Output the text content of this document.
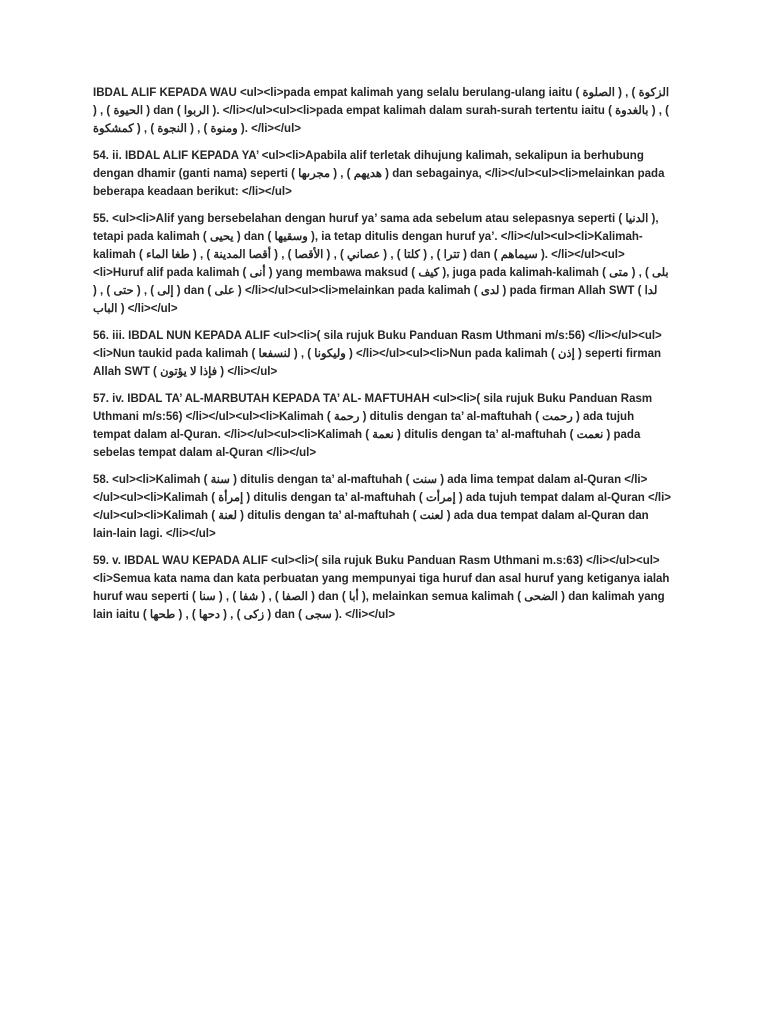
IBDAL ALIF KEPADA WAU <ul><li>pada empat kalimah yang selalu berulang-ulang iaitu ( الصلوة ) , ( الزكوة ) , ( الحيوة ) dan ( الربوا ). </li></ul><ul><li>pada empat kalimah dalam surah-surah tertentu iaitu ( بالغدوة ) , ( كمشكوة ) , ( النجوة ) , ( ومنوة ). </li></ul>

54. ii. IBDAL ALIF KEPADA YA’ <ul><li>Apabila alif terletak dihujung kalimah, sekalipun ia berhubung dengan dhamir (ganti nama) seperti ( مجرىها ) , ( هديهم ) dan sebagainya, </li></ul><ul><li>melainkan pada beberapa keadaan berikut: </li></ul>

55. <ul><li>Alif yang bersebelahan dengan huruf ya’ sama ada sebelum atau selepasnya seperti ( الدنيا ), tetapi pada kalimah ( يحيى ) dan ( وسقيها ), ia tetap ditulis dengan huruf ya’. </li></ul><ul><li>Kalimah-kalimah ( طغا الماء ) , ( أقصا المدينة ) , ( الأقصا ) , ( عصاني ) , ( كلتا ) , ( تترا ) dan ( سيماهم ). </li></ul><ul><li>Huruf alif pada kalimah ( أنى ) yang membawa maksud ( كيف ), juga pada kalimah-kalimah ( متى ) , ( بلى ) , ( حتى ) , ( إلى ) dan ( على ) </li></ul><ul><li>melainkan pada kalimah ( لدى ) pada firman Allah SWT ( لدا الباب ) </li></ul>

56. iii. IBDAL NUN KEPADA ALIF <ul><li>( sila rujuk Buku Panduan Rasm Uthmani m/s:56) </li></ul><ul><li>Nun taukid pada kalimah ( لنسفعا ) , ( وليكونا ) </li></ul><ul><li>Nun pada kalimah ( إذن ) seperti firman Allah SWT ( فإذا لا يؤتون ) </li></ul>

57. iv. IBDAL TA’ AL-MARBUTAH KEPADA TA’ AL- MAFTUHAH <ul><li>( sila rujuk Buku Panduan Rasm Uthmani m/s:56) </li></ul><ul><li>Kalimah ( رحمة ) ditulis dengan ta’ al-maftuhah ( رحمت ) ada tujuh tempat dalam al-Quran. </li></ul><ul><li>Kalimah ( نعمة ) ditulis dengan ta’ al-maftuhah ( نعمت ) pada sebelas tempat dalam al-Quran </li></ul>

58. <ul><li>Kalimah ( سنة ) ditulis dengan ta’ al-maftuhah ( سنت ) ada lima tempat dalam al-Quran </li></ul><ul><li>Kalimah ( إمرأة ) ditulis dengan ta’ al-maftuhah ( إمرأت ) ada tujuh tempat dalam al-Quran </li></ul><ul><li>Kalimah ( لعنة ) ditulis dengan ta’ al-maftuhah ( لعنت ) ada dua tempat dalam al-Quran dan lain-lain lagi. </li></ul>

59. v. IBDAL WAU KEPADA ALIF <ul><li>( sila rujuk Buku Panduan Rasm Uthmani m.s:63) </li></ul><ul><li>Semua kata nama dan kata perbuatan yang mempunyai tiga huruf dan asal huruf yang ketiganya ialah huruf wau seperti ( سنا ) , ( شفا ) , ( الصفا ) dan ( أبا ), melainkan semua kalimah ( الضحى ) dan kalimah yang lain iaitu ( طحها ) , ( دحها ) , ( زكى ) dan ( سجى ). </li></ul>
